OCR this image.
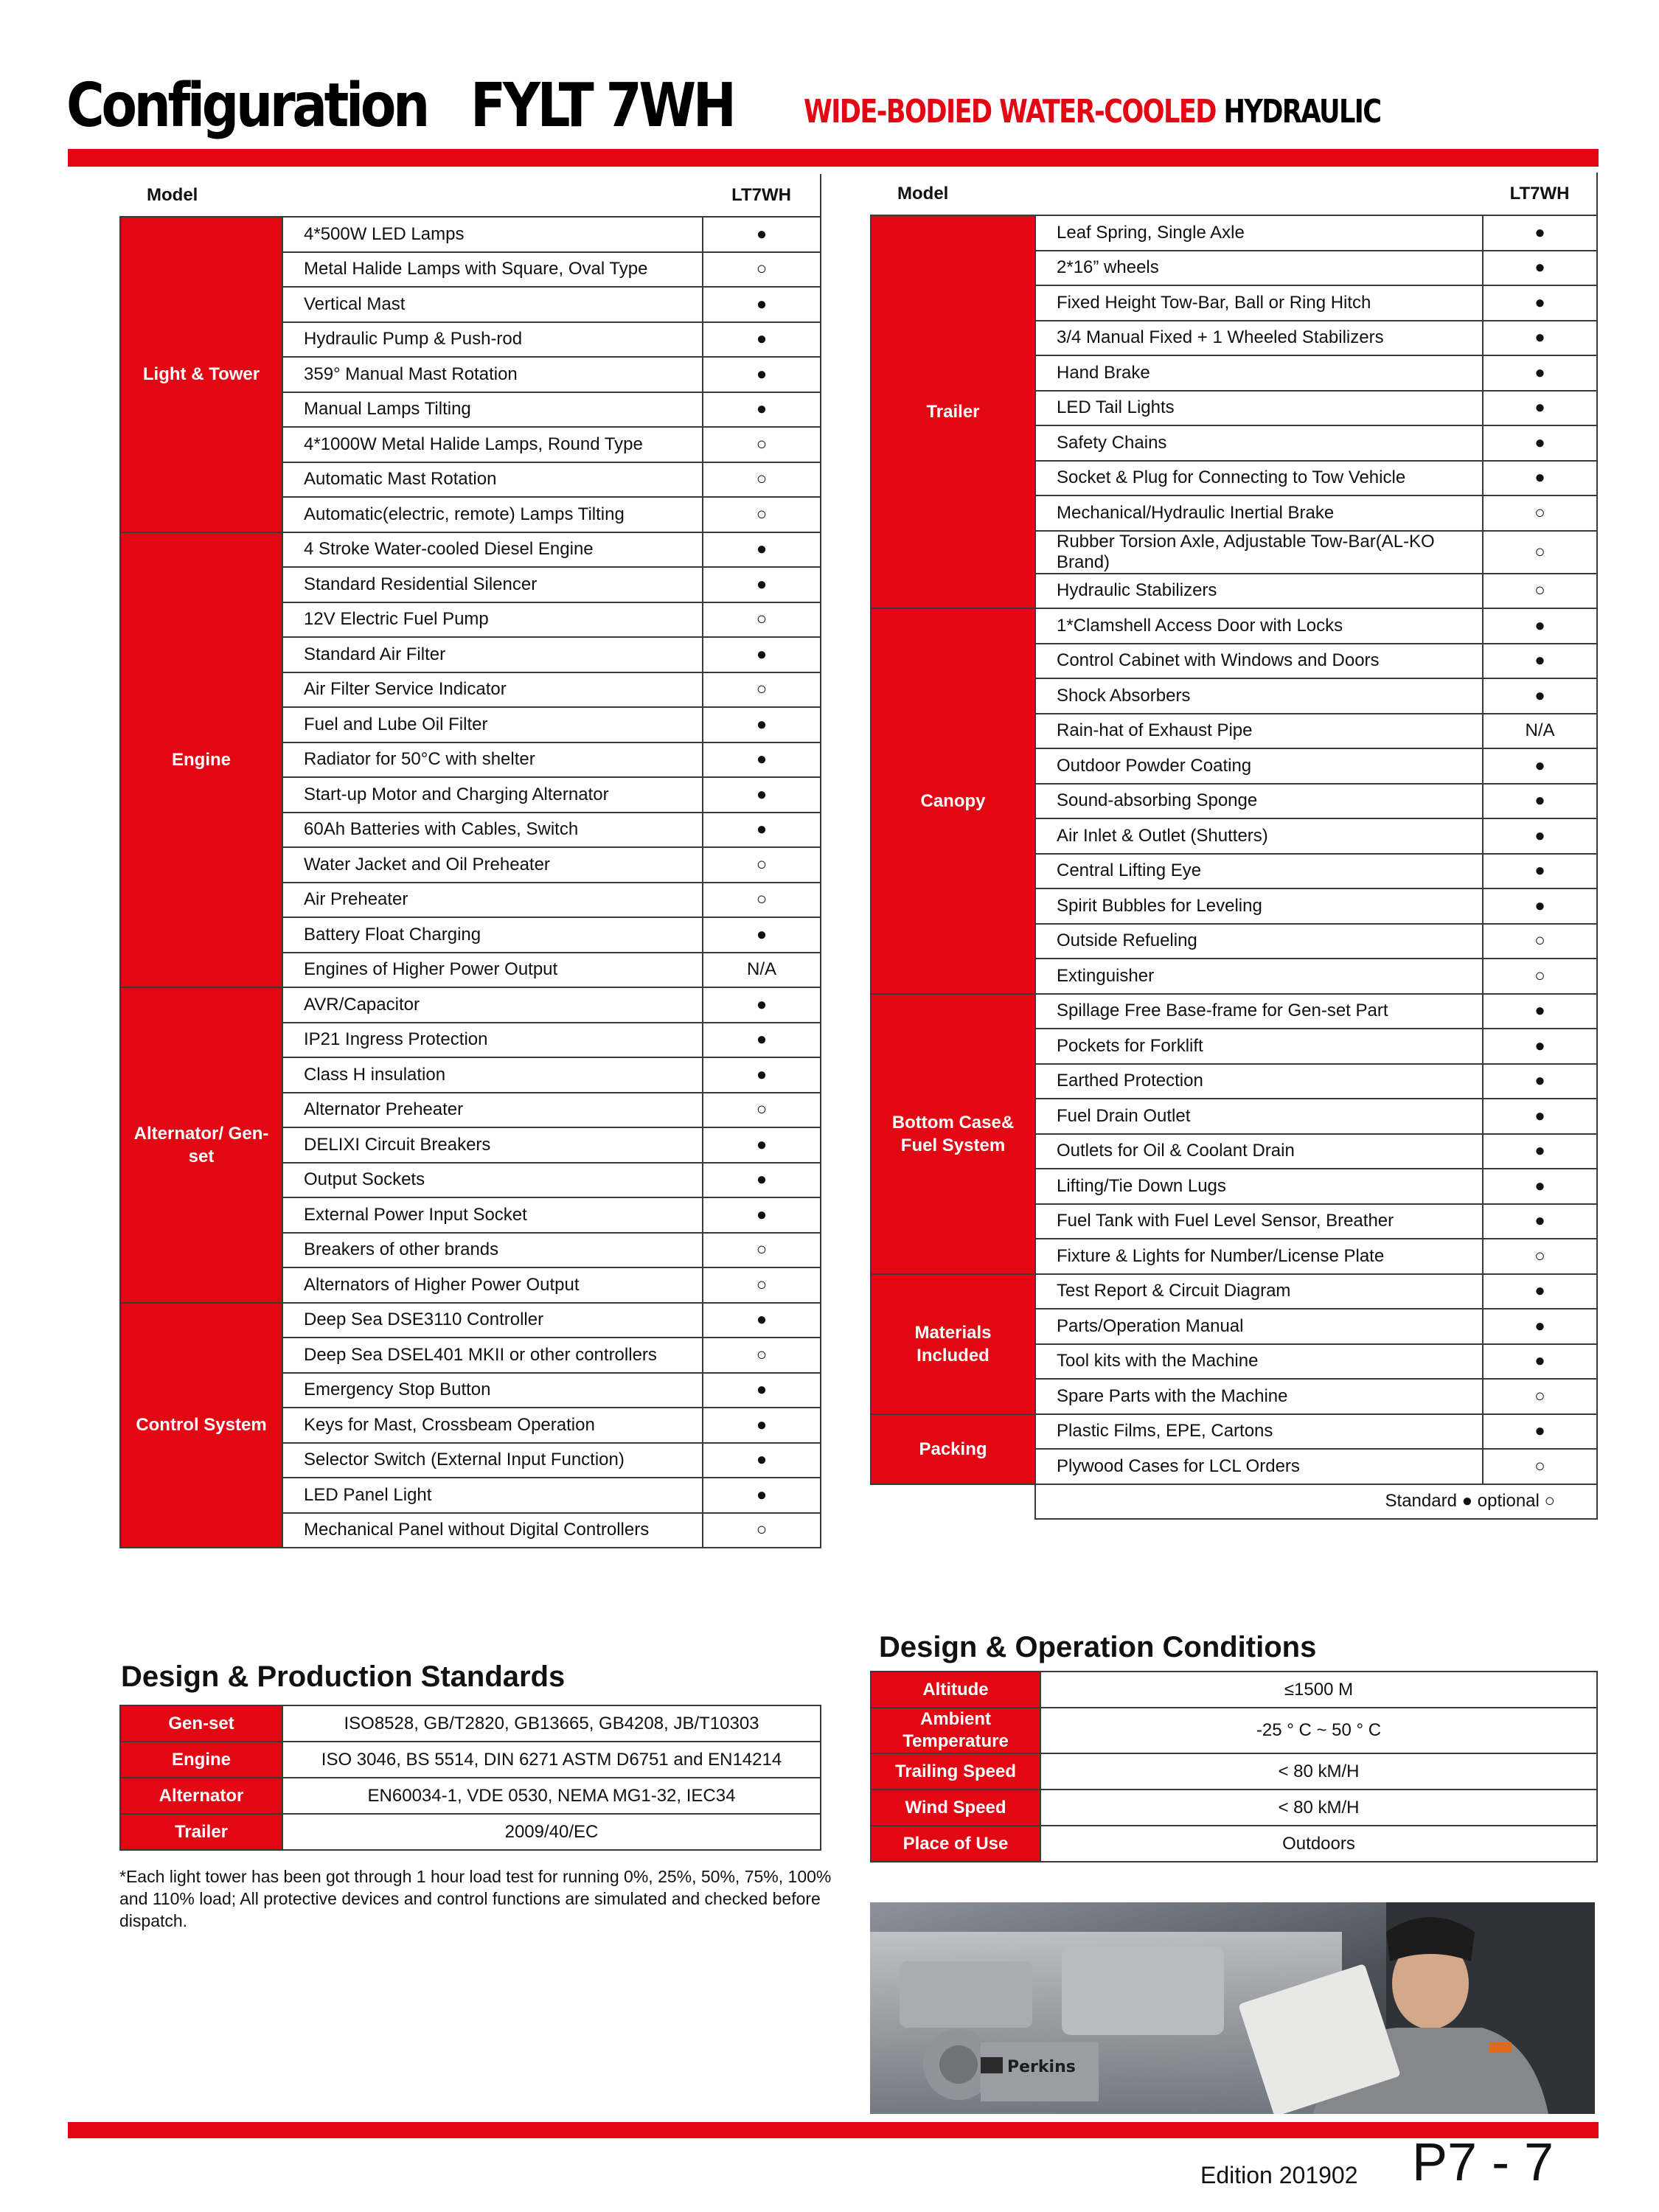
Configuration FYLT 7WH WIDE-BODIED WATER-COOLED HYDRAULIC
Model		LT7WH
Light & Tower	4*500W LED Lamps	●
	Metal Halide Lamps with Square, Oval Type	○
	Vertical Mast	●
	Hydraulic Pump & Push-rod	●
	359° Manual Mast Rotation	●
	Manual Lamps Tilting	●
	4*1000W Metal Halide Lamps, Round Type	○
	Automatic Mast Rotation	○
	Automatic(electric, remote) Lamps Tilting	○
Engine	4 Stroke Water-cooled Diesel Engine	●
	Standard Residential Silencer	●
	12V Electric Fuel Pump	○
	Standard Air Filter	●
	Air Filter Service Indicator	○
	Fuel and Lube Oil Filter	●
	Radiator for 50°C with shelter	●
	Start-up Motor and Charging Alternator	●
	60Ah Batteries with Cables, Switch	●
	Water Jacket and Oil Preheater	○
	Air Preheater	○
	Battery Float Charging	●
	Engines of Higher Power Output	N/A
Alternator/ Gen-set	AVR/Capacitor	●
	IP21 Ingress Protection	●
	Class H insulation	●
	Alternator Preheater	○
	DELIXI Circuit Breakers	●
	Output Sockets	●
	External Power Input Socket	●
	Breakers of other brands	○
	Alternators of Higher Power Output	○
Control System	Deep Sea DSE3110 Controller	●
	Deep Sea DSEL401 MKII or other controllers	○
	Emergency Stop Button	●
	Keys for Mast, Crossbeam Operation	●
	Selector Switch (External Input Function)	●
	LED Panel Light	●
	Mechanical Panel without Digital Controllers	○
Model		LT7WH
Trailer	Leaf Spring, Single Axle	●
	2*16” wheels	●
	Fixed Height Tow-Bar, Ball or Ring Hitch	●
	3/4 Manual Fixed + 1 Wheeled Stabilizers	●
	Hand Brake	●
	LED Tail Lights	●
	Safety Chains	●
	Socket & Plug for Connecting to Tow Vehicle	●
	Mechanical/Hydraulic Inertial Brake	○
	Rubber Torsion Axle, Adjustable Tow-Bar(AL-KO Brand)	○
	Hydraulic Stabilizers	○
Canopy	1*Clamshell Access Door with Locks	●
	Control Cabinet with Windows and Doors	●
	Shock Absorbers	●
	Rain-hat of Exhaust Pipe	N/A
	Outdoor Powder Coating	●
	Sound-absorbing Sponge	●
	Air Inlet & Outlet (Shutters)	●
	Central Lifting Eye	●
	Spirit Bubbles for Leveling	●
	Outside Refueling	○
	Extinguisher	○
Bottom Case& Fuel System	Spillage Free Base-frame for Gen-set Part	●
	Pockets for Forklift	●
	Earthed Protection	●
	Fuel Drain Outlet	●
	Outlets for Oil & Coolant Drain	●
	Lifting/Tie Down Lugs	●
	Fuel Tank with Fuel Level Sensor, Breather	●
	Fixture & Lights for Number/License Plate	○
Materials Included	Test Report & Circuit Diagram	●
	Parts/Operation Manual	●
	Tool kits with the Machine	●
	Spare Parts with the Machine	○
Packing	Plastic Films, EPE, Cartons	●
	Plywood Cases for LCL Orders	○
	Standard ● optional ○	
Design & Production Standards
Gen-set	ISO8528, GB/T2820, GB13665, GB4208, JB/T10303
Engine	ISO 3046, BS 5514, DIN 6271 ASTM D6751 and EN14214
Alternator	EN60034-1, VDE 0530, NEMA MG1-32, IEC34
Trailer	2009/40/EC
*Each light tower has been got through 1 hour load test for running 0%, 25%, 50%, 75%, 100% and 110% load; All protective devices and control functions are simulated and checked before dispatch.
Design & Operation Conditions
Altitude	≤1500 M
Ambient Temperature	-25 ° C ~ 50 ° C
Trailing Speed	< 80 kM/H
Wind Speed	< 80 kM/H
Place of Use	Outdoors
Perkins
Edition 201902 P7 - 7
